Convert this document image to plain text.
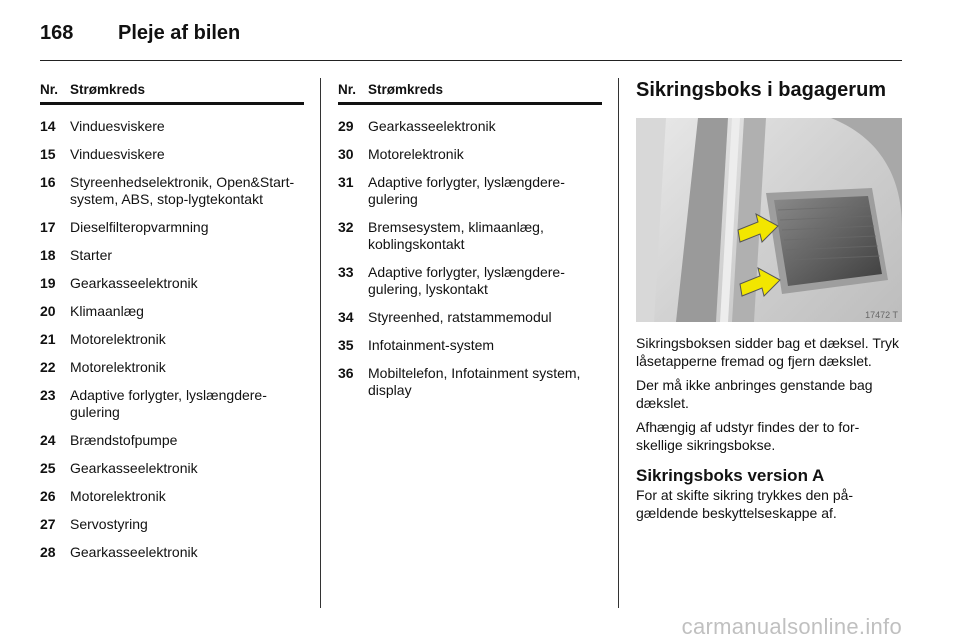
168 Pleje af bilen
Nr. Strømkreds
14	Vinduesviskere
15	Vinduesviskere
16	Styreenhedselektronik, Open&Start-system, ABS, stop-lygtekontakt
17	Dieselfilteropvarmning
18	Starter
19	Gearkasseelektronik
20	Klimaanlæg
21	Motorelektronik
22	Motorelektronik
23	Adaptive forlygter, lyslængdere-gulering
24	Brændstofpumpe
25	Gearkasseelektronik
26	Motorelektronik
27	Servostyring
28	Gearkasseelektronik
Nr. Strømkreds
29	Gearkasseelektronik
30	Motorelektronik
31	Adaptive forlygter, lyslængdere-gulering
32	Bremsesystem, klimaanlæg, koblingskontakt
33	Adaptive forlygter, lyslængdere-gulering, lyskontakt
34	Styreenhed, ratstammemodul
35	Infotainment-system
36	Mobiltelefon, Infotainment system, display
Sikringsboks i bagagerum
17472 T

Sikringsboksen sidder bag et dæksel. Tryk låsetapperne fremad og fjern dækslet.

Der må ikke anbringes genstande bag dækslet.

Afhængig af udstyr findes der to for-skellige sikringsbokse.

Sikringsboks version A

For at skifte sikring trykkes den på-gældende beskyttelseskappe af.

carmanualsonline.info
